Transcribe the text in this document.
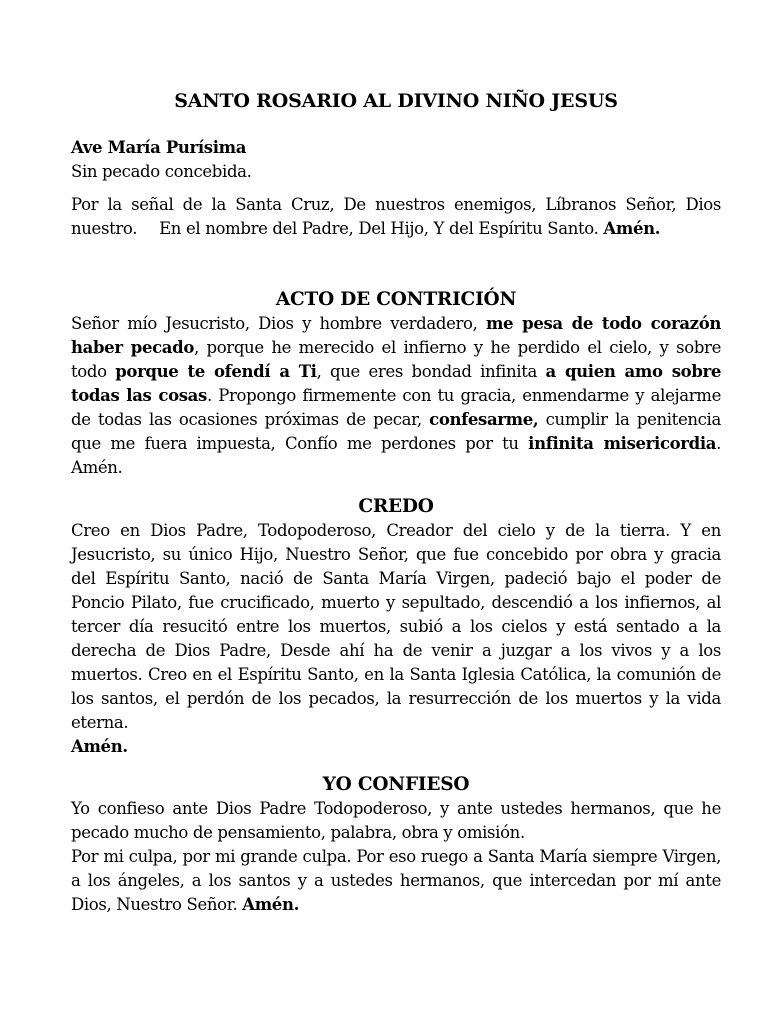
SANTO ROSARIO AL DIVINO NIÑO JESUS

Ave María Purísima

Sin pecado concebida.

Por la señal de la Santa Cruz, De nuestros enemigos, Líbranos Señor, Dios nuestro. En el nombre del Padre, Del Hijo, Y del Espíritu Santo. Amén.

ACTO DE CONTRICIÓN

Señor mío Jesucristo, Dios y hombre verdadero, me pesa de todo corazón haber pecado, porque he merecido el infierno y he perdido el cielo, y sobre todo porque te ofendí a Ti, que eres bondad infinita a quien amo sobre todas las cosas. Propongo firmemente con tu gracia, enmendarme y alejarme de todas las ocasiones próximas de pecar, confesarme, cumplir la penitencia que me fuera impuesta, Confío me perdones por tu infinita misericordia. Amén.

CREDO

Creo en Dios Padre, Todopoderoso, Creador del cielo y de la tierra. Y en Jesucristo, su único Hijo, Nuestro Señor, que fue concebido por obra y gracia del Espíritu Santo, nació de Santa María Virgen, padeció bajo el poder de Poncio Pilato, fue crucificado, muerto y sepultado, descendió a los infiernos, al tercer día resucitó entre los muertos, subió a los cielos y está sentado a la derecha de Dios Padre, Desde ahí ha de venir a juzgar a los vivos y a los muertos. Creo en el Espíritu Santo, en la Santa Iglesia Católica, la comunión de los santos, el perdón de los pecados, la resurrección de los muertos y la vida eterna.

Amén.

YO CONFIESO

Yo confieso ante Dios Padre Todopoderoso, y ante ustedes hermanos, que he pecado mucho de pensamiento, palabra, obra y omisión.

Por mi culpa, por mi grande culpa. Por eso ruego a Santa María siempre Virgen, a los ángeles, a los santos y a ustedes hermanos, que intercedan por mí ante Dios, Nuestro Señor. Amén.
